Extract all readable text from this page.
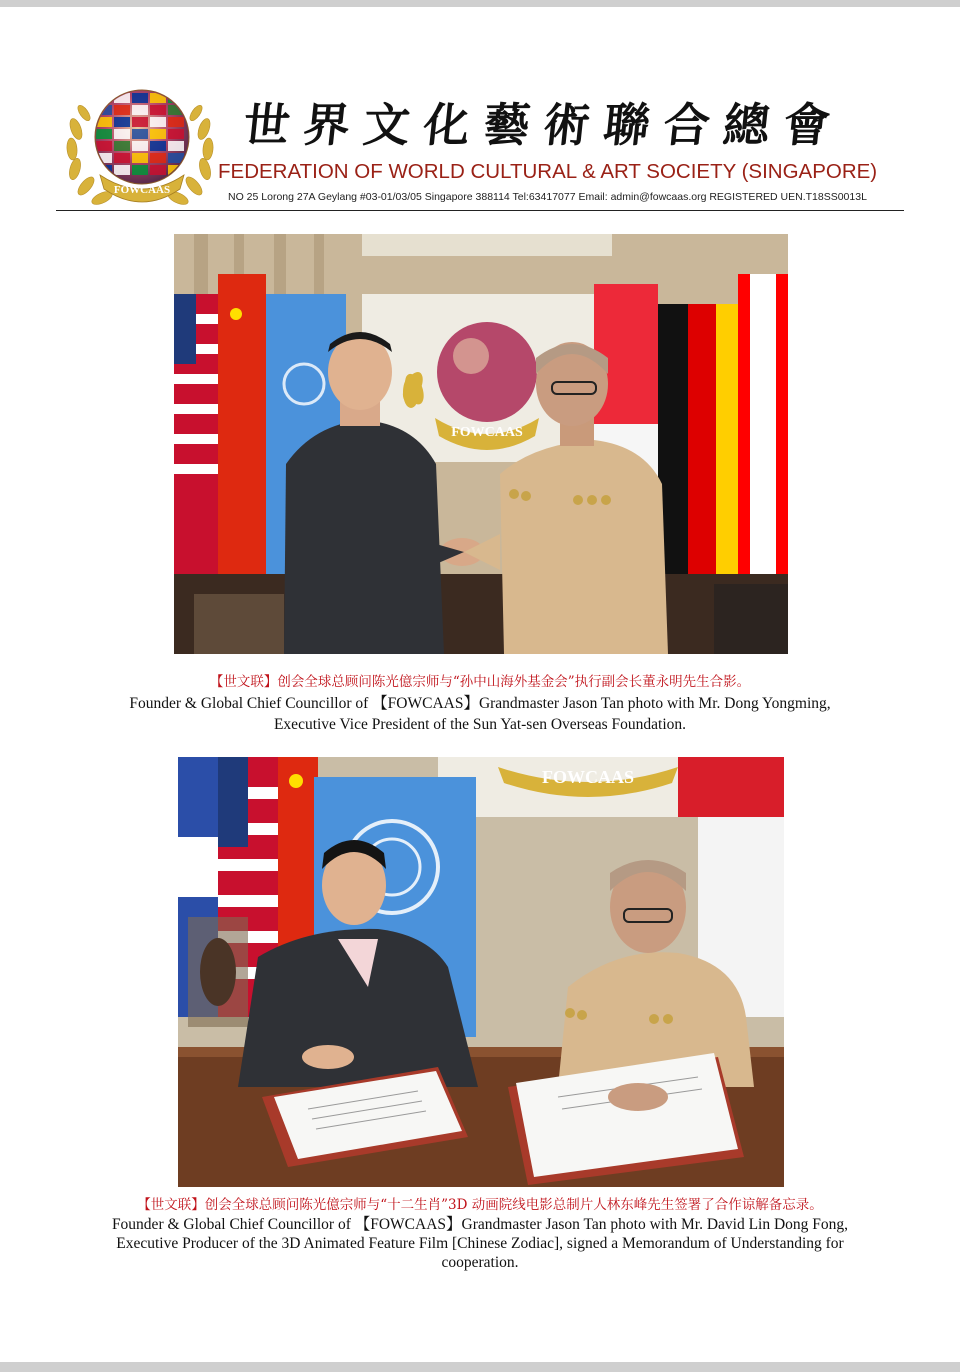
FOWCAAS
世界文化藝術聯合總會
FEDERATION OF WORLD CULTURAL & ART SOCIETY (SINGAPORE)
NO 25 Lorong 27A Geylang #03-01/03/05 Singapore 388114 Tel:63417077 Email: admin@fowcaas.org REGISTERED UEN.T18SS0013L
FOWCAAS
【世文联】创会全球总顾问陈光億宗师与“孙中山海外基金会”执行副会长董永明先生合影。
Founder & Global Chief Councillor of 【FOWCAAS】Grandmaster Jason Tan photo with Mr. Dong Yongming,
Executive Vice President of the Sun Yat-sen Overseas Foundation.
FOWCAAS
【世文联】创会全球总顾问陈光億宗师与“十二生肖”3D 动画院线电影总制片人林东峰先生签署了合作谅解备忘录。
Founder & Global Chief Councillor of 【FOWCAAS】Grandmaster Jason Tan photo with Mr. David Lin Dong Fong,
Executive Producer of the 3D Animated Feature Film [Chinese Zodiac], signed a Memorandum of Understanding for
cooperation.
